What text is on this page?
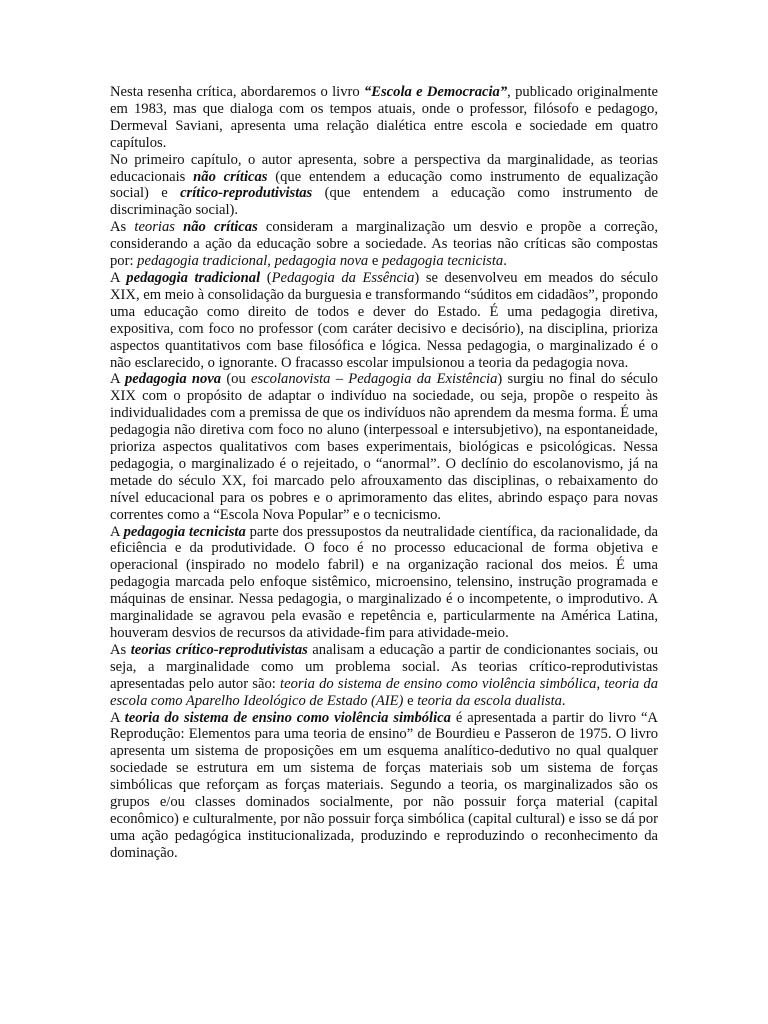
Nesta resenha crítica, abordaremos o livro “Escola e Democracia”, publicado originalmente em 1983, mas que dialoga com os tempos atuais, onde o professor, filósofo e pedagogo, Dermeval Saviani, apresenta uma relação dialética entre escola e sociedade em quatro capítulos.

No primeiro capítulo, o autor apresenta, sobre a perspectiva da marginalidade, as teorias educacionais não críticas (que entendem a educação como instrumento de equalização social) e crítico-reprodutivistas (que entendem a educação como instrumento de discriminação social).

As teorias não críticas consideram a marginalização um desvio e propõe a correção, considerando a ação da educação sobre a sociedade. As teorias não críticas são compostas por: pedagogia tradicional, pedagogia nova e pedagogia tecnicista.

A pedagogia tradicional (Pedagogia da Essência) se desenvolveu em meados do século XIX, em meio à consolidação da burguesia e transformando “súditos em cidadãos”, propondo uma educação como direito de todos e dever do Estado. É uma pedagogia diretiva, expositiva, com foco no professor (com caráter decisivo e decisório), na disciplina, prioriza aspectos quantitativos com base filosófica e lógica. Nessa pedagogia, o marginalizado é o não esclarecido, o ignorante. O fracasso escolar impulsionou a teoria da pedagogia nova.

A pedagogia nova (ou escolanovista – Pedagogia da Existência) surgiu no final do século XIX com o propósito de adaptar o indivíduo na sociedade, ou seja, propõe o respeito às individualidades com a premissa de que os indivíduos não aprendem da mesma forma. É uma pedagogia não diretiva com foco no aluno (interpessoal e intersubjetivo), na espontaneidade, prioriza aspectos qualitativos com bases experimentais, biológicas e psicológicas. Nessa pedagogia, o marginalizado é o rejeitado, o “anormal”. O declínio do escolanovismo, já na metade do século XX, foi marcado pelo afrouxamento das disciplinas, o rebaixamento do nível educacional para os pobres e o aprimoramento das elites, abrindo espaço para novas correntes como a “Escola Nova Popular” e o tecnicismo.

A pedagogia tecnicista parte dos pressupostos da neutralidade científica, da racionalidade, da eficiência e da produtividade. O foco é no processo educacional de forma objetiva e operacional (inspirado no modelo fabril) e na organização racional dos meios. É uma pedagogia marcada pelo enfoque sistêmico, microensino, telensino, instrução programada e máquinas de ensinar. Nessa pedagogia, o marginalizado é o incompetente, o improdutivo. A marginalidade se agravou pela evasão e repetência e, particularmente na América Latina, houveram desvios de recursos da atividade-fim para atividade-meio.

As teorias crítico-reprodutivistas analisam a educação a partir de condicionantes sociais, ou seja, a marginalidade como um problema social. As teorias crítico-reprodutivistas apresentadas pelo autor são: teoria do sistema de ensino como violência simbólica, teoria da escola como Aparelho Ideológico de Estado (AIE) e teoria da escola dualista.

A teoria do sistema de ensino como violência simbólica é apresentada a partir do livro “A Reprodução: Elementos para uma teoria de ensino” de Bourdieu e Passeron de 1975. O livro apresenta um sistema de proposições em um esquema analítico-dedutivo no qual qualquer sociedade se estrutura em um sistema de forças materiais sob um sistema de forças simbólicas que reforçam as forças materiais. Segundo a teoria, os marginalizados são os grupos e/ou classes dominados socialmente, por não possuir força material (capital econômico) e culturalmente, por não possuir força simbólica (capital cultural) e isso se dá por uma ação pedagógica institucionalizada, produzindo e reproduzindo o reconhecimento da dominação.
